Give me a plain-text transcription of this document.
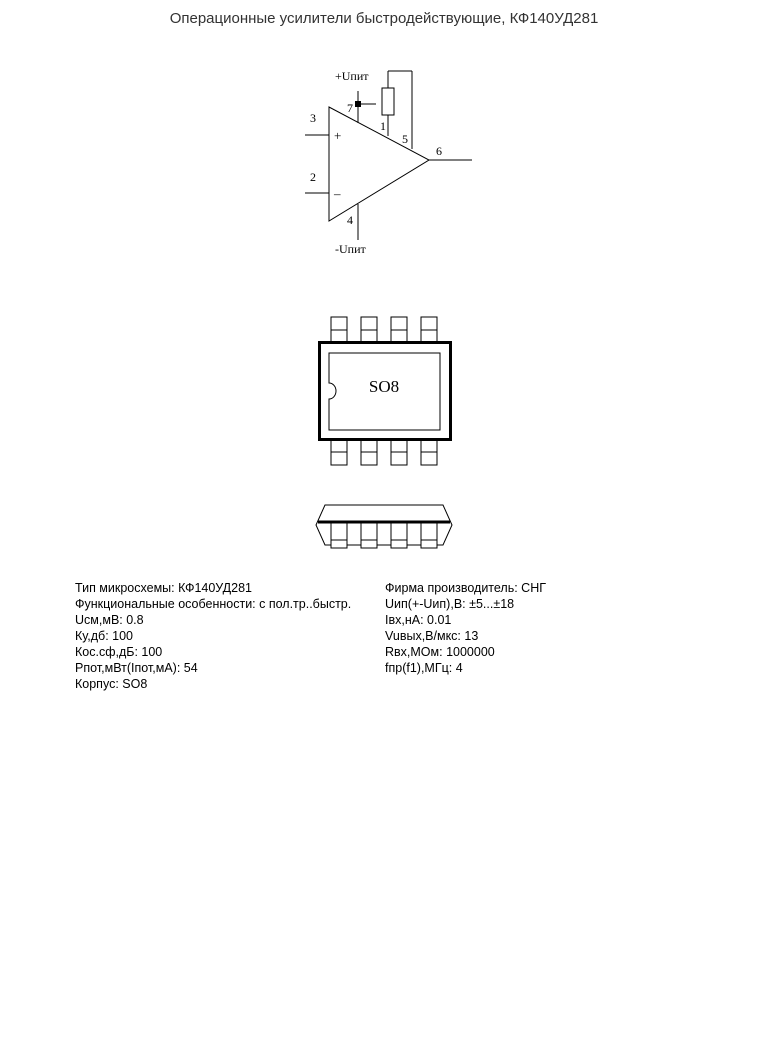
Операционные усилители быстродействующие, КФ140УД281
+Uпит
-Uпит
3
2
7
1
5
6
4
+
–
SO8
Тип микросхемы: КФ140УД281
Функциональные особенности: с пол.тр..быстр.
Uсм,мВ: 0.8
Ку,дб: 100
Кос.сф,дБ: 100
Рпот,мВт(Iпот,мА): 54
Корпус: SO8
Фирма производитель: СНГ
Uип(+-Uип),В: ±5...±18
Iвх,нА: 0.01
Vuвых,В/мкс: 13
Rвх,МОм: 1000000
fпр(f1),МГц: 4
